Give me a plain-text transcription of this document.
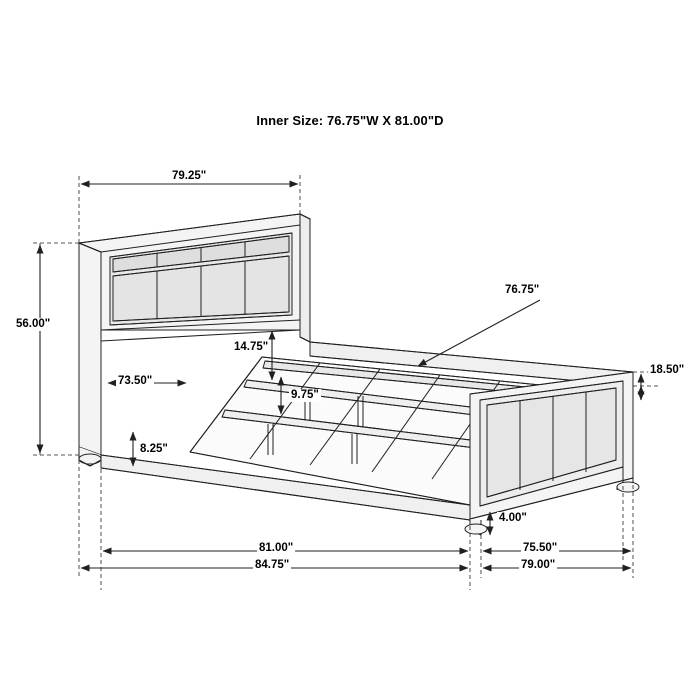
Inner Size: 76.75"W X 81.00"D
79.25"
56.00"
73.50"
14.75"
9.75"
8.25"
76.75"
18.50"
4.00"
81.00"	75.50"
84.75"	79.00"
